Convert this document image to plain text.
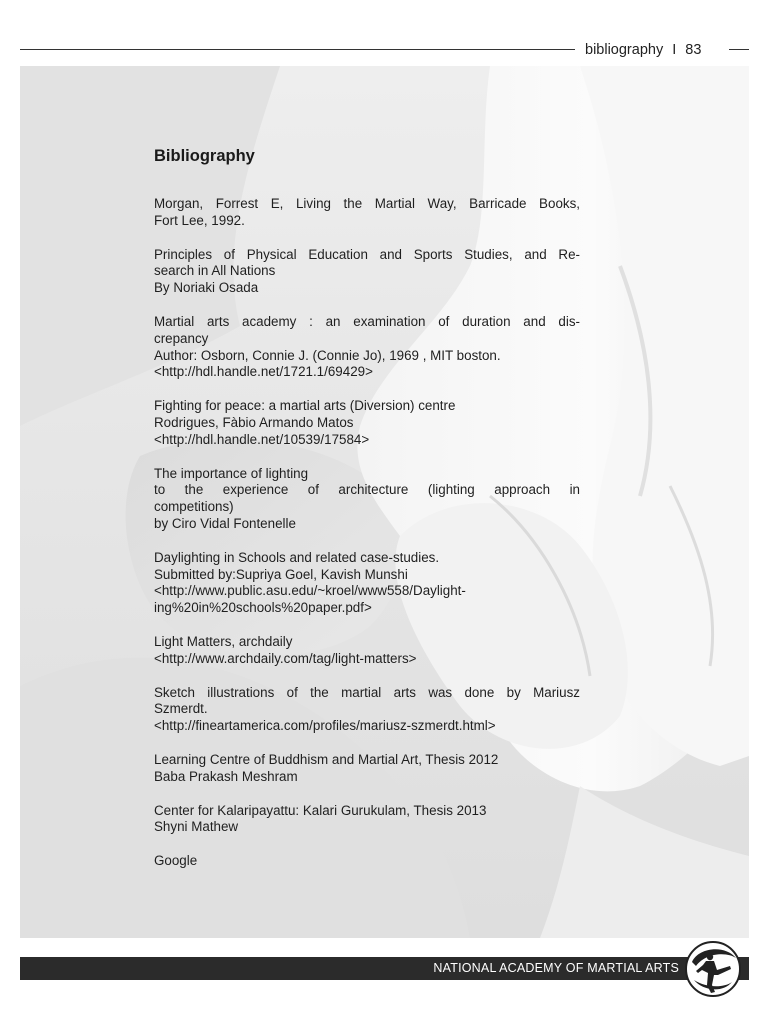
bibliography I 83
Bibliography
Morgan, Forrest E, Living the Martial Way, Barricade Books,
Fort Lee, 1992.
Principles of Physical Education and Sports Studies, and Re-
search in All Nations
By Noriaki Osada
Martial arts academy : an examination of duration and dis-
crepancy
Author: Osborn, Connie J. (Connie Jo), 1969 , MIT boston.
<http://hdl.handle.net/1721.1/69429>
Fighting for peace: a martial arts (Diversion) centre
Rodrigues, Fàbio Armando Matos
<http://hdl.handle.net/10539/17584>
The importance of lighting
to the experience of architecture (lighting approach in
competitions)
by Ciro Vidal Fontenelle
Daylighting in Schools and related case-studies.
Submitted by:Supriya Goel, Kavish Munshi
<http://www.public.asu.edu/~kroel/www558/Daylight-
ing%20in%20schools%20paper.pdf>
Light Matters, archdaily
<http://www.archdaily.com/tag/light-matters>
Sketch illustrations of the martial arts was done by Mariusz
Szmerdt.
<http://fineartamerica.com/profiles/mariusz-szmerdt.html>
Learning Centre of Buddhism and Martial Art, Thesis 2012
Baba Prakash Meshram
Center for Kalaripayattu: Kalari Gurukulam, Thesis 2013
Shyni Mathew
Google
NATIONAL ACADEMY OF MARTIAL ARTS
